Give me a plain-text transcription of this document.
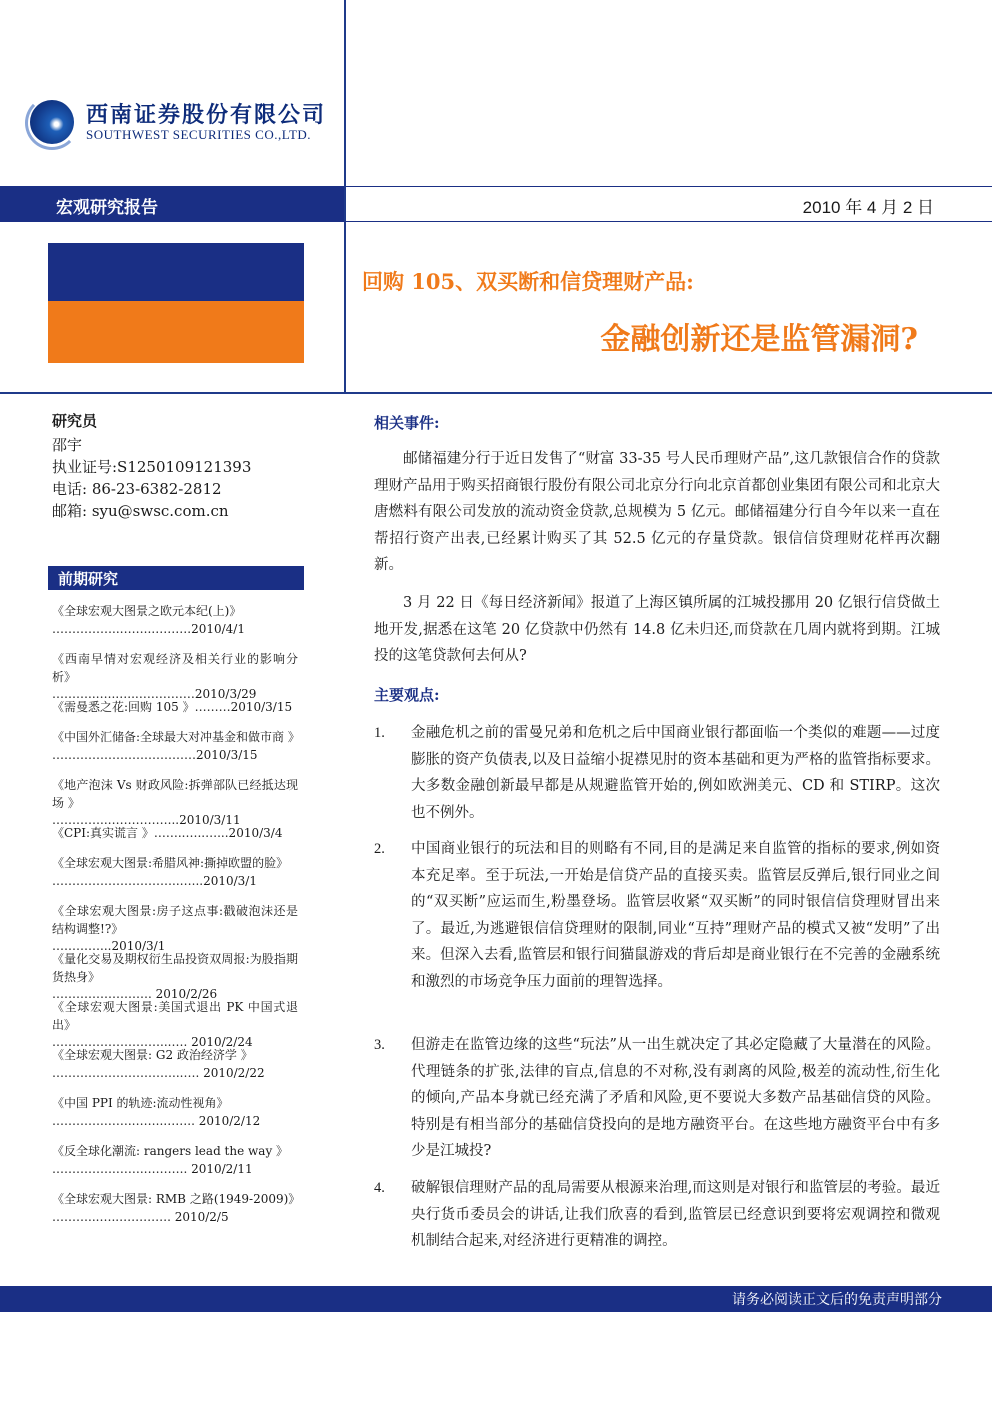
西南证券股份有限公司
SOUTHWEST SECURITIES CO.,LTD.
宏观研究报告	2010 年 4 月 2 日
回购 105、双买断和信贷理财产品:
金融创新还是监管漏洞?
研究员
邵宇
执业证号:S1250109121393
电话: 86-23-6382-2812
邮箱: syu@swsc.com.cn
前期研究
《全球宏观大图景之欧元本纪(上)》
……………..……..……….2010/4/1
《西南早情对宏观经济及相关行业的影响分析》
………..…..…..……………2010/3/29
《需曼悉之花:回购 105 》………2010/3/15
《中国外汇储备:全球最大对冲基金和做市商 》
………………………………2010/3/15
《地产泡沫 Vs 财政风险:拆弹部队已经抵达现场 》
…………..……………...2010/3/11
《CPI:真实谎言 》……..…..…...2010/3/4
《全球宏观大图景:希腊风神:撕掉欧盟的脸》
…………………………..…...2010/3/1
《全球宏观大图景:房子这点事:戳破泡沫还是结构调整!?》
…………...2010/3/1
《量化交易及期权衍生品投资双周报:为股指期货热身》
……………………. 2010/2/26
《全球宏观大图景:美国式退出 PK 中国式退出》
………………………...…. 2010/2/24
《全球宏观大图景: G2 政治经济学 》
…………………………...…. 2010/2/22
《中国 PPI 的轨迹:流动性视角》
………….…….……..…….. 2010/2/12
《反全球化潮流: rangers lead the way 》
…………….…….……….. 2010/2/11
《全球宏观大图景: RMB 之路(1949-2009)》
………...…..…………. 2010/2/5
相关事件:
邮储福建分行于近日发售了“财富 33-35 号人民币理财产品”,这几款银信合作的贷款理财产品用于购买招商银行股份有限公司北京分行向北京首都创业集团有限公司和北京大唐燃料有限公司发放的流动资金贷款,总规模为 5 亿元。邮储福建分行自今年以来一直在帮招行资产出表,已经累计购买了其 52.5 亿元的存量贷款。银信信贷理财花样再次翻新。
3 月 22 日《每日经济新闻》报道了上海区镇所属的江城投挪用 20 亿银行信贷做土地开发,据悉在这笔 20 亿贷款中仍然有 14.8 亿未归还,而贷款在几周内就将到期。江城投的这笔贷款何去何从?
主要观点:
1. 金融危机之前的雷曼兄弟和危机之后中国商业银行都面临一个类似的难题——过度膨胀的资产负债表,以及日益缩小捉襟见肘的资本基础和更为严格的监管指标要求。大多数金融创新最早都是从规避监管开始的,例如欧洲美元、CD 和 STIRP。这次也不例外。
2. 中国商业银行的玩法和目的则略有不同,目的是满足来自监管的指标的要求,例如资本充足率。至于玩法,一开始是信贷产品的直接买卖。监管层反弹后,银行同业之间的“双买断”应运而生,粉墨登场。监管层收紧“双买断”的同时银信信贷理财冒出来了。最近,为逃避银信信贷理财的限制,同业“互持”理财产品的模式又被“发明”了出来。但深入去看,监管层和银行间猫鼠游戏的背后却是商业银行在不完善的金融系统和激烈的市场竞争压力面前的理智选择。
3. 但游走在监管边缘的这些“玩法”从一出生就决定了其必定隐藏了大量潜在的风险。代理链条的扩张,法律的盲点,信息的不对称,没有剥离的风险,极差的流动性,衍生化的倾向,产品本身就已经充满了矛盾和风险,更不要说大多数产品基础信贷的风险。特别是有相当部分的基础信贷投向的是地方融资平台。在这些地方融资平台中有多少是江城投?
4. 破解银信理财产品的乱局需要从根源来治理,而这则是对银行和监管层的考验。最近央行货币委员会的讲话,让我们欣喜的看到,监管层已经意识到要将宏观调控和微观机制结合起来,对经济进行更精准的调控。
请务必阅读正文后的免责声明部分
